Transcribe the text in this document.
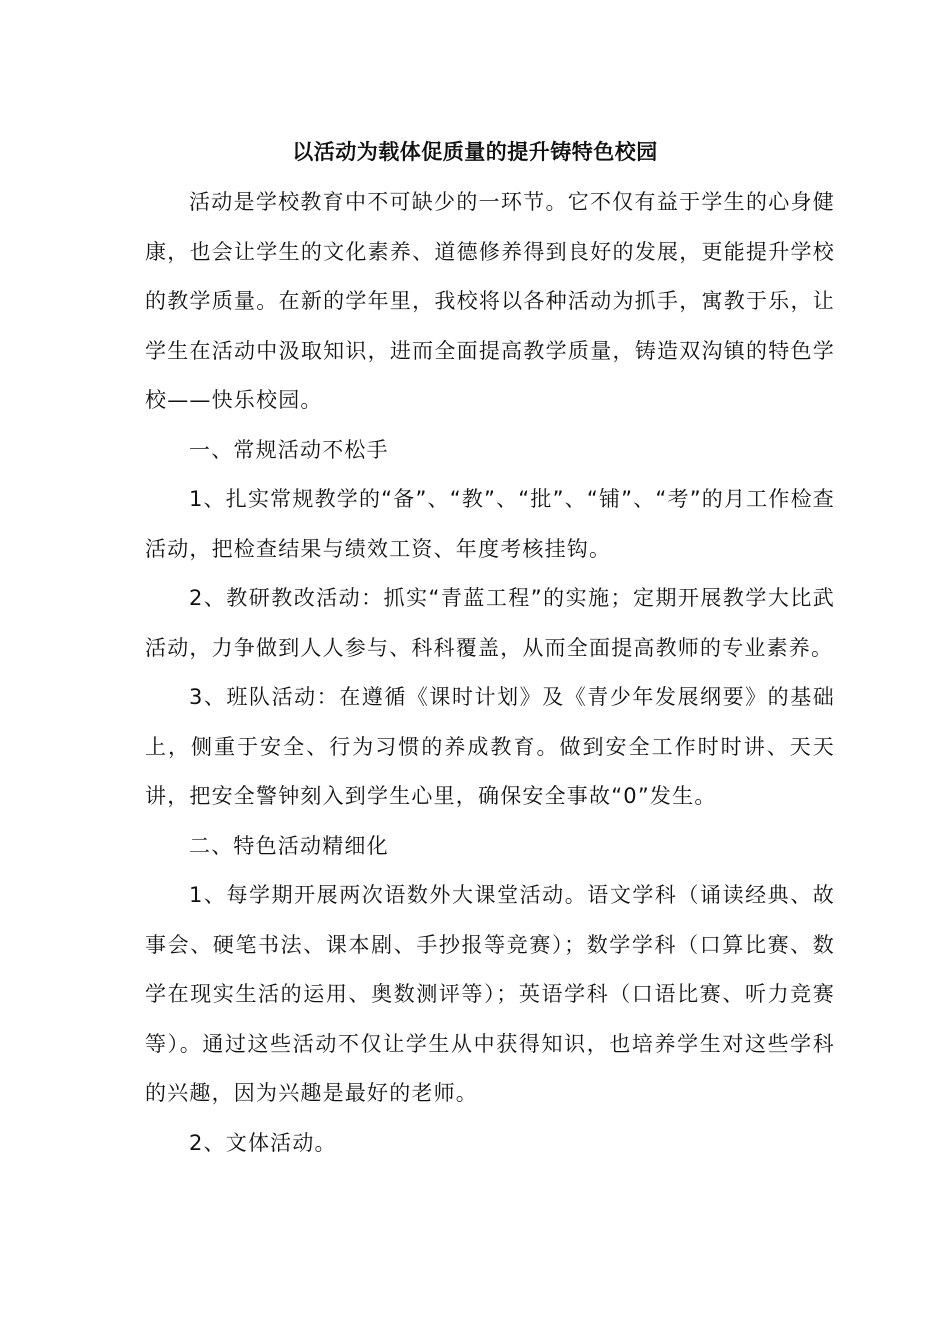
以活动为载体促质量的提升铸特色校园

活动是学校教育中不可缺少的一环节。它不仅有益于学生的心身健康，也会让学生的文化素养、道德修养得到良好的发展，更能提升学校的教学质量。在新的学年里，我校将以各种活动为抓手，寓教于乐，让学生在活动中汲取知识，进而全面提高教学质量，铸造双沟镇的特色学校——快乐校园。

一、常规活动不松手

1、扎实常规教学的“备”、“教”、“批”、“铺”、“考”的月工作检查活动，把检查结果与绩效工资、年度考核挂钩。

2、教研教改活动：抓实“青蓝工程”的实施；定期开展教学大比武活动，力争做到人人参与、科科覆盖，从而全面提高教师的专业素养。

3、班队活动：在遵循《课时计划》及《青少年发展纲要》的基础上，侧重于安全、行为习惯的养成教育。做到安全工作时时讲、天天讲，把安全警钟刻入到学生心里，确保安全事故“0”发生。

二、特色活动精细化

1、每学期开展两次语数外大课堂活动。语文学科（诵读经典、故事会、硬笔书法、课本剧、手抄报等竞赛）；数学学科（口算比赛、数学在现实生活的运用、奥数测评等）；英语学科（口语比赛、听力竞赛等）。通过这些活动不仅让学生从中获得知识，也培养学生对这些学科的兴趣，因为兴趣是最好的老师。

2、文体活动。
